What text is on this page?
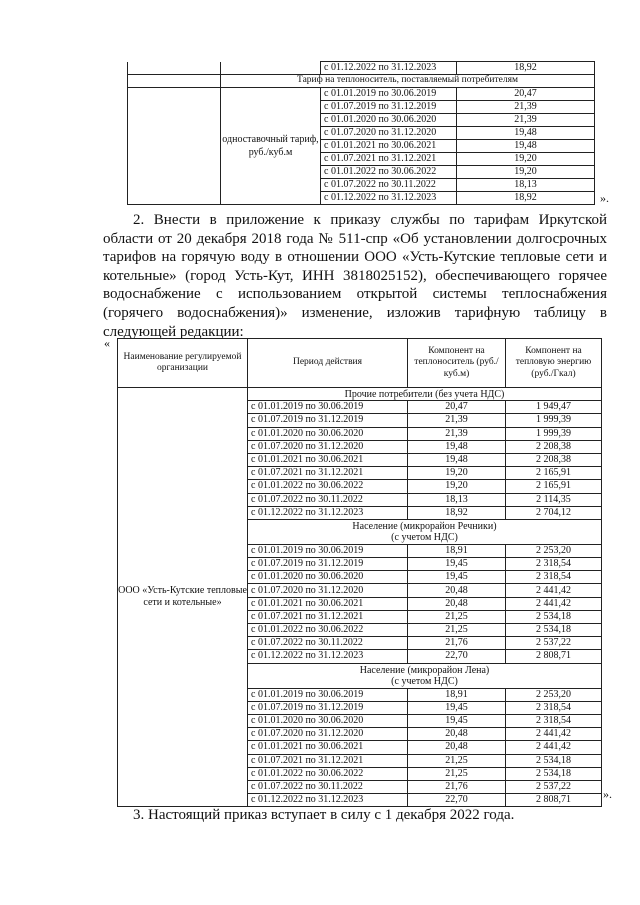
		с 01.12.2022 по 31.12.2023	18,92
	Тариф на теплоноситель, поставляемый потребителям		
	одноставочный тариф, руб./куб.м	с 01.01.2019 по 30.06.2019	20,47
		с 01.07.2019 по 31.12.2019	21,39
		с 01.01.2020 по 30.06.2020	21,39
		с 01.07.2020 по 31.12.2020	19,48
		с 01.01.2021 по 30.06.2021	19,48
		с 01.07.2021 по 31.12.2021	19,20
		с 01.01.2022 по 30.06.2022	19,20
		с 01.07.2022 по 30.11.2022	18,13
		с 01.12.2022 по 31.12.2023	18,92	».

2. Внести в приложение к приказу службы по тарифам Иркутской области от 20 декабря 2018 года № 511-спр «Об установлении долгосрочных тарифов на горячую воду в отношении ООО «Усть-Кутские тепловые сети и котельные» (город Усть-Кут, ИНН 3818025152), обеспечивающего горячее водоснабжение с использованием открытой системы теплоснабжения (горячего водоснабжения)» изменение, изложив тарифную таблицу в следующей редакции:

«
Наименование регулируемой организации	Период действия	Компонент на теплоноситель (руб./куб.м)	Компонент на тепловую энергию (руб./Гкал)
ООО «Усть-Кутские тепловые сети и котельные»	Прочие потребители (без учета НДС)		

	с 01.01.2019 по 30.06.2019	20,47	1 949,47
	с 01.07.2019 по 31.12.2019	21,39	1 999,39
	с 01.01.2020 по 30.06.2020	21,39	1 999,39
	с 01.07.2020 по 31.12.2020	19,48	2 208,38
	с 01.01.2021 по 30.06.2021	19,48	2 208,38
	с 01.07.2021 по 31.12.2021	19,20	2 165,91
	с 01.01.2022 по 30.06.2022	19,20	2 165,91
	с 01.07.2022 по 30.11.2022	18,13	2 114,35
	с 01.12.2022 по 31.12.2023	18,92	2 704,12

	Население (микрорайон Речники)
(с учетом НДС)		

	с 01.01.2019 по 30.06.2019	18,91	2 253,20
	с 01.07.2019 по 31.12.2019	19,45	2 318,54
	с 01.01.2020 по 30.06.2020	19,45	2 318,54
	с 01.07.2020 по 31.12.2020	20,48	2 441,42
	с 01.01.2021 по 30.06.2021	20,48	2 441,42
	с 01.07.2021 по 31.12.2021	21,25	2 534,18
	с 01.01.2022 по 30.06.2022	21,25	2 534,18
	с 01.07.2022 по 30.11.2022	21,76	2 537,22
	с 01.12.2022 по 31.12.2023	22,70	2 808,71

	Население (микрорайон Лена)
(с учетом НДС)		

	с 01.01.2019 по 30.06.2019	18,91	2 253,20
	с 01.07.2019 по 31.12.2019	19,45	2 318,54
	с 01.01.2020 по 30.06.2020	19,45	2 318,54
	с 01.07.2020 по 31.12.2020	20,48	2 441,42
	с 01.01.2021 по 30.06.2021	20,48	2 441,42
	с 01.07.2021 по 31.12.2021	21,25	2 534,18
	с 01.01.2022 по 30.06.2022	21,25	2 534,18
	с 01.07.2022 по 30.11.2022	21,76	2 537,22
	с 01.12.2022 по 31.12.2023	22,70	2 808,71	».

3. Настоящий приказ вступает в силу с 1 декабря 2022 года.
